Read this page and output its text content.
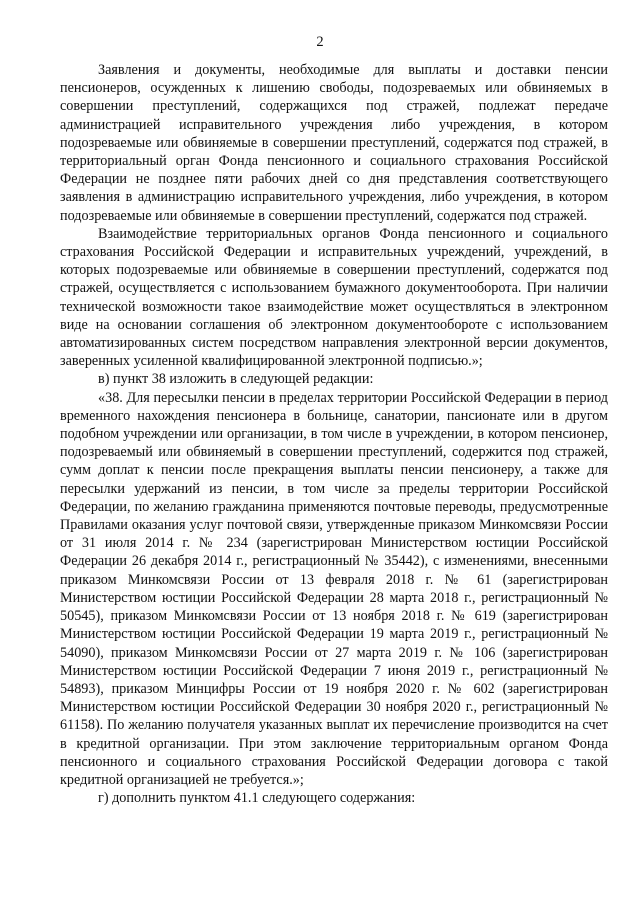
2

Заявления и документы, необходимые для выплаты и доставки пенсии пенсионеров, осужденных к лишению свободы, подозреваемых или обвиняемых в совершении преступлений, содержащихся под стражей, подлежат передаче администрацией исправительного учреждения либо учреждения, в котором подозреваемые или обвиняемые в совершении преступлений, содержатся под стражей, в территориальный орган Фонда пенсионного и социального страхования Российской Федерации не позднее пяти рабочих дней со дня представления соответствующего заявления в администрацию исправительного учреждения, либо учреждения, в котором подозреваемые или обвиняемые в совершении преступлений, содержатся под стражей.

Взаимодействие территориальных органов Фонда пенсионного и социального страхования Российской Федерации и исправительных учреждений, учреждений, в которых подозреваемые или обвиняемые в совершении преступлений, содержатся под стражей, осуществляется с использованием бумажного документооборота. При наличии технической возможности такое взаимодействие может осуществляться в электронном виде на основании соглашения об электронном документообороте с использованием автоматизированных систем посредством направления электронной версии документов, заверенных усиленной квалифицированной электронной подписью.»;

в) пункт 38 изложить в следующей редакции:

«38. Для пересылки пенсии в пределах территории Российской Федерации в период временного нахождения пенсионера в больнице, санатории, пансионате или в другом подобном учреждении или организации, в том числе в учреждении, в котором пенсионер, подозреваемый или обвиняемый в совершении преступлений, содержится под стражей, сумм доплат к пенсии после прекращения выплаты пенсии пенсионеру, а также для пересылки удержаний из пенсии, в том числе за пределы территории Российской Федерации, по желанию гражданина применяются почтовые переводы, предусмотренные Правилами оказания услуг почтовой связи, утвержденные приказом Минкомсвязи России от 31 июля 2014 г. № 234 (зарегистрирован Министерством юстиции Российской Федерации 26 декабря 2014 г., регистрационный № 35442), с изменениями, внесенными приказом Минкомсвязи России от 13 февраля 2018 г. № 61 (зарегистрирован Министерством юстиции Российской Федерации 28 марта 2018 г., регистрационный № 50545), приказом Минкомсвязи России от 13 ноября 2018 г. № 619 (зарегистрирован Министерством юстиции Российской Федерации 19 марта 2019 г., регистрационный № 54090), приказом Минкомсвязи России от 27 марта 2019 г. № 106 (зарегистрирован Министерством юстиции Российской Федерации 7 июня 2019 г., регистрационный № 54893), приказом Минцифры России от 19 ноября 2020 г. № 602 (зарегистрирован Министерством юстиции Российской Федерации 30 ноября 2020 г., регистрационный № 61158). По желанию получателя указанных выплат их перечисление производится на счет в кредитной организации. При этом заключение территориальным органом Фонда пенсионного и социального страхования Российской Федерации договора с такой кредитной организацией не требуется.»;

г) дополнить пунктом 41.1 следующего содержания:
